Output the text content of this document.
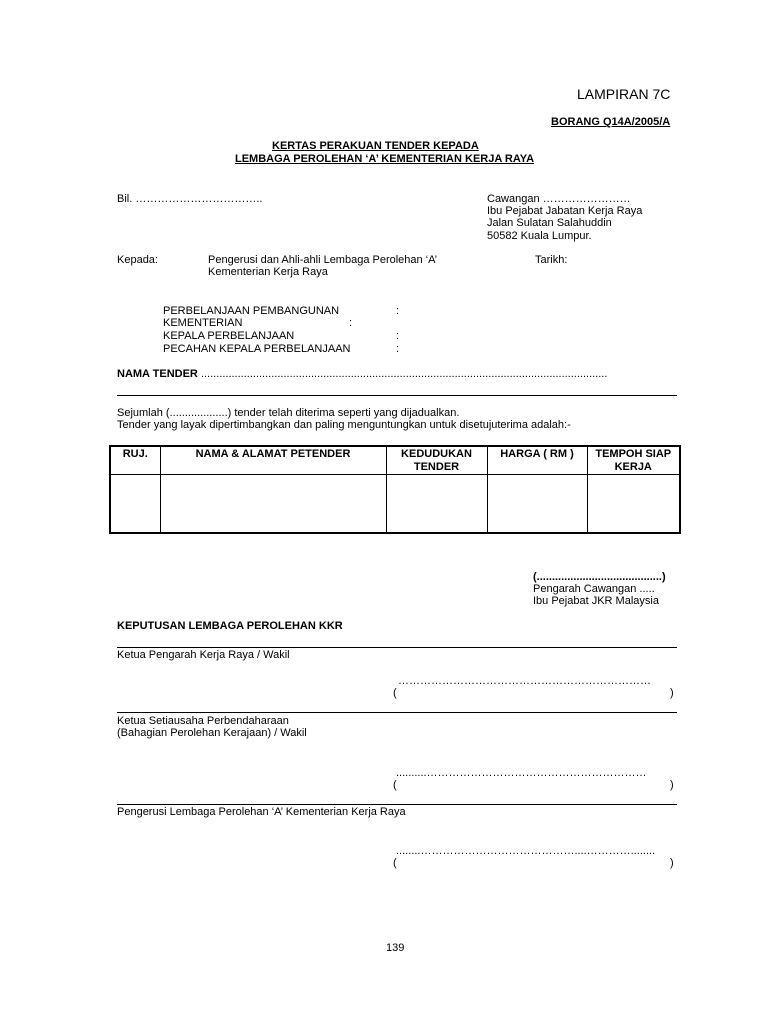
LAMPIRAN 7C
BORANG Q14A/2005/A
KERTAS PERAKUAN TENDER KEPADA
LEMBAGA PEROLEHAN ‘A’ KEMENTERIAN KERJA RAYA
Bil. ……………………………..	Cawangan ……………………
Ibu Pejabat Jabatan Kerja Raya
Jalan Sulatan Salahuddin
50582 Kuala Lumpur.
Kepada:	Pengerusi dan Ahli-ahli Lembaga Perolehan ‘A’
Kementerian Kerja Raya
Tarikh:
PERBELANJAAN PEMBANGUNAN	:
KEMENTERIAN	:
KEPALA PERBELANJAAN	:
PECAHAN KEPALA PERBELANJAAN	:
NAMA TENDER .....................................................................................................................................
Sejumlah (...................) tender telah diterima seperti yang dijadualkan.
Tender yang layak dipertimbangkan dan paling menguntungkan untuk disetujuterima adalah:-
RUJ.	NAMA & ALAMAT PETENDER	KEDUDUKAN TENDER	HARGA ( RM )	TEMPOH SIAP KERJA

(.........................................)
Pengarah Cawangan .....
Ibu Pejabat JKR Malaysia
KEPUTUSAN LEMBAGA PEROLEHAN KKR
Ketua Pengarah Kerja Raya / Wakil
……………………………………………………………
(	)
Ketua Setiausaha Perbendaharaan
(Bahagian Perolehan Kerajaan) / Wakil
..........……………………………………………………
(	)
Pengerusi Lembaga Perolehan ‘A’ Kementerian Kerja Raya
........……………………………………....…………........
(	)
139
